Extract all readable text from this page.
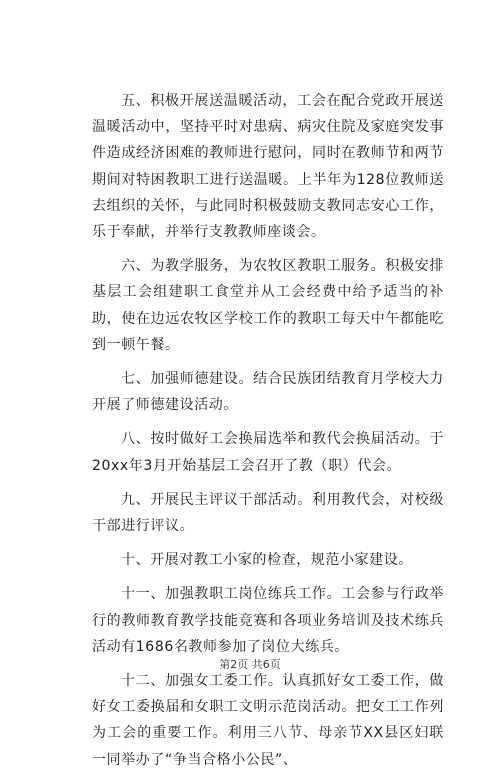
五、积极开展送温暖活动，工会在配合党政开展送温暖活动中，坚持平时对患病、病灾住院及家庭突发事件造成经济困难的教师进行慰问，同时在教师节和两节期间对特困教职工进行送温暖。上半年为128位教师送去组织的关怀，与此同时积极鼓励支教同志安心工作，乐于奉献，并举行支教教师座谈会。

六、为教学服务，为农牧区教职工服务。积极安排基层工会组建职工食堂并从工会经费中给予适当的补助，使在边远农牧区学校工作的教职工每天中午都能吃到一顿午餐。

七、加强师德建设。结合民族团结教育月学校大力开展了师德建设活动。

八、按时做好工会换届选举和教代会换届活动。于20xx年3月开始基层工会召开了教（职）代会。

九、开展民主评议干部活动。利用教代会，对校级干部进行评议。

十、开展对教工小家的检查，规范小家建设。

十一、加强教职工岗位练兵工作。工会参与行政举行的教师教育教学技能竞赛和各项业务培训及技术练兵活动有1686名教师参加了岗位大练兵。

十二、加强女工委工作。认真抓好女工委工作，做好女工委换届和女职工文明示范岗活动。把女工工作列为工会的重要工作。利用三八节、母亲节XX县区妇联一同举办了“争当合格小公民”、

第2页 共6页
